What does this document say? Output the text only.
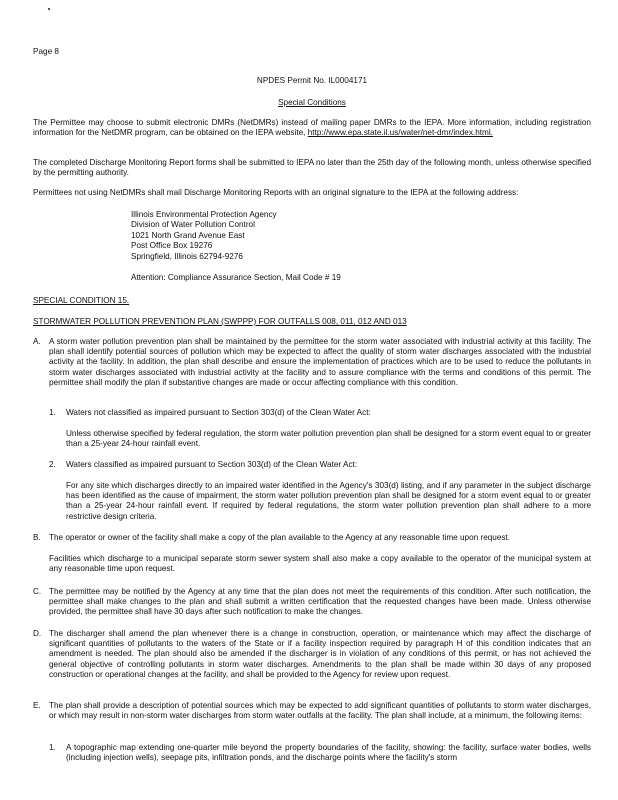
Page 8
NPDES Permit No. IL0004171
Special Conditions
The Permittee may choose to submit electronic DMRs (NetDMRs) instead of mailing paper DMRs to the IEPA. More information, including registration information for the NetDMR program, can be obtained on the IEPA website, http://www.epa.state.il.us/water/net-dmr/index.html.
The completed Discharge Monitoring Report forms shall be submitted to IEPA no later than the 25th day of the following month, unless otherwise specified by the permitting authority.
Permittees not using NetDMRs shall mail Discharge Monitoring Reports with an original signature to the IEPA at the following address:
Illinois Environmental Protection Agency
Division of Water Pollution Control
1021 North Grand Avenue East
Post Office Box 19276
Springfield, Illinois 62794-9276
Attention: Compliance Assurance Section, Mail Code # 19
SPECIAL CONDITION 15.
STORMWATER POLLUTION PREVENTION PLAN (SWPPP) FOR OUTFALLS 008, 011, 012 AND 013
A. A storm water pollution prevention plan shall be maintained by the permittee for the storm water associated with industrial activity at this facility. The plan shall identify potential sources of pollution which may be expected to affect the quality of storm water discharges associated with the industrial activity at the facility. In addition, the plan shall describe and ensure the implementation of practices which are to be used to reduce the pollutants in storm water discharges associated with industrial activity at the facility and to assure compliance with the terms and conditions of this permit. The permittee shall modify the plan if substantive changes are made or occur affecting compliance with this condition.
1. Waters not classified as impaired pursuant to Section 303(d) of the Clean Water Act:
Unless otherwise specified by federal regulation, the storm water pollution prevention plan shall be designed for a storm event equal to or greater than a 25-year 24-hour rainfall event.
2. Waters classified as impaired pursuant to Section 303(d) of the Clean Water Act:
For any site which discharges directly to an impaired water identified in the Agency's 303(d) listing, and if any parameter in the subject discharge has been identified as the cause of impairment, the storm water pollution prevention plan shall be designed for a storm event equal to or greater than a 25-year 24-hour rainfall event. If required by federal regulations, the storm water pollution prevention plan shall adhere to a more restrictive design criteria.
B. The operator or owner of the facility shall make a copy of the plan available to the Agency at any reasonable time upon request.
Facilities which discharge to a municipal separate storm sewer system shall also make a copy available to the operator of the municipal system at any reasonable time upon request.
C. The permittee may be notified by the Agency at any time that the plan does not meet the requirements of this condition. After such notification, the permittee shall make changes to the plan and shall submit a written certification that the requested changes have been made. Unless otherwise provided, the permittee shall have 30 days after such notification to make the changes.
D. The discharger shall amend the plan whenever there is a change in construction, operation, or maintenance which may affect the discharge of significant quantities of pollutants to the waters of the State or if a facility inspection required by paragraph H of this condition indicates that an amendment is needed. The plan should also be amended if the discharger is in violation of any conditions of this permit, or has not achieved the general objective of controlling pollutants in storm water discharges. Amendments to the plan shall be made within 30 days of any proposed construction or operational changes at the facility, and shall be provided to the Agency for review upon request.
E. The plan shall provide a description of potential sources which may be expected to add significant quantities of pollutants to storm water discharges, or which may result in non-storm water discharges from storm water outfalls at the facility. The plan shall include, at a minimum, the following items:
1. A topographic map extending one-quarter mile beyond the property boundaries of the facility, showing: the facility, surface water bodies, wells (including injection wells), seepage pits, infiltration ponds, and the discharge points where the facility's storm
